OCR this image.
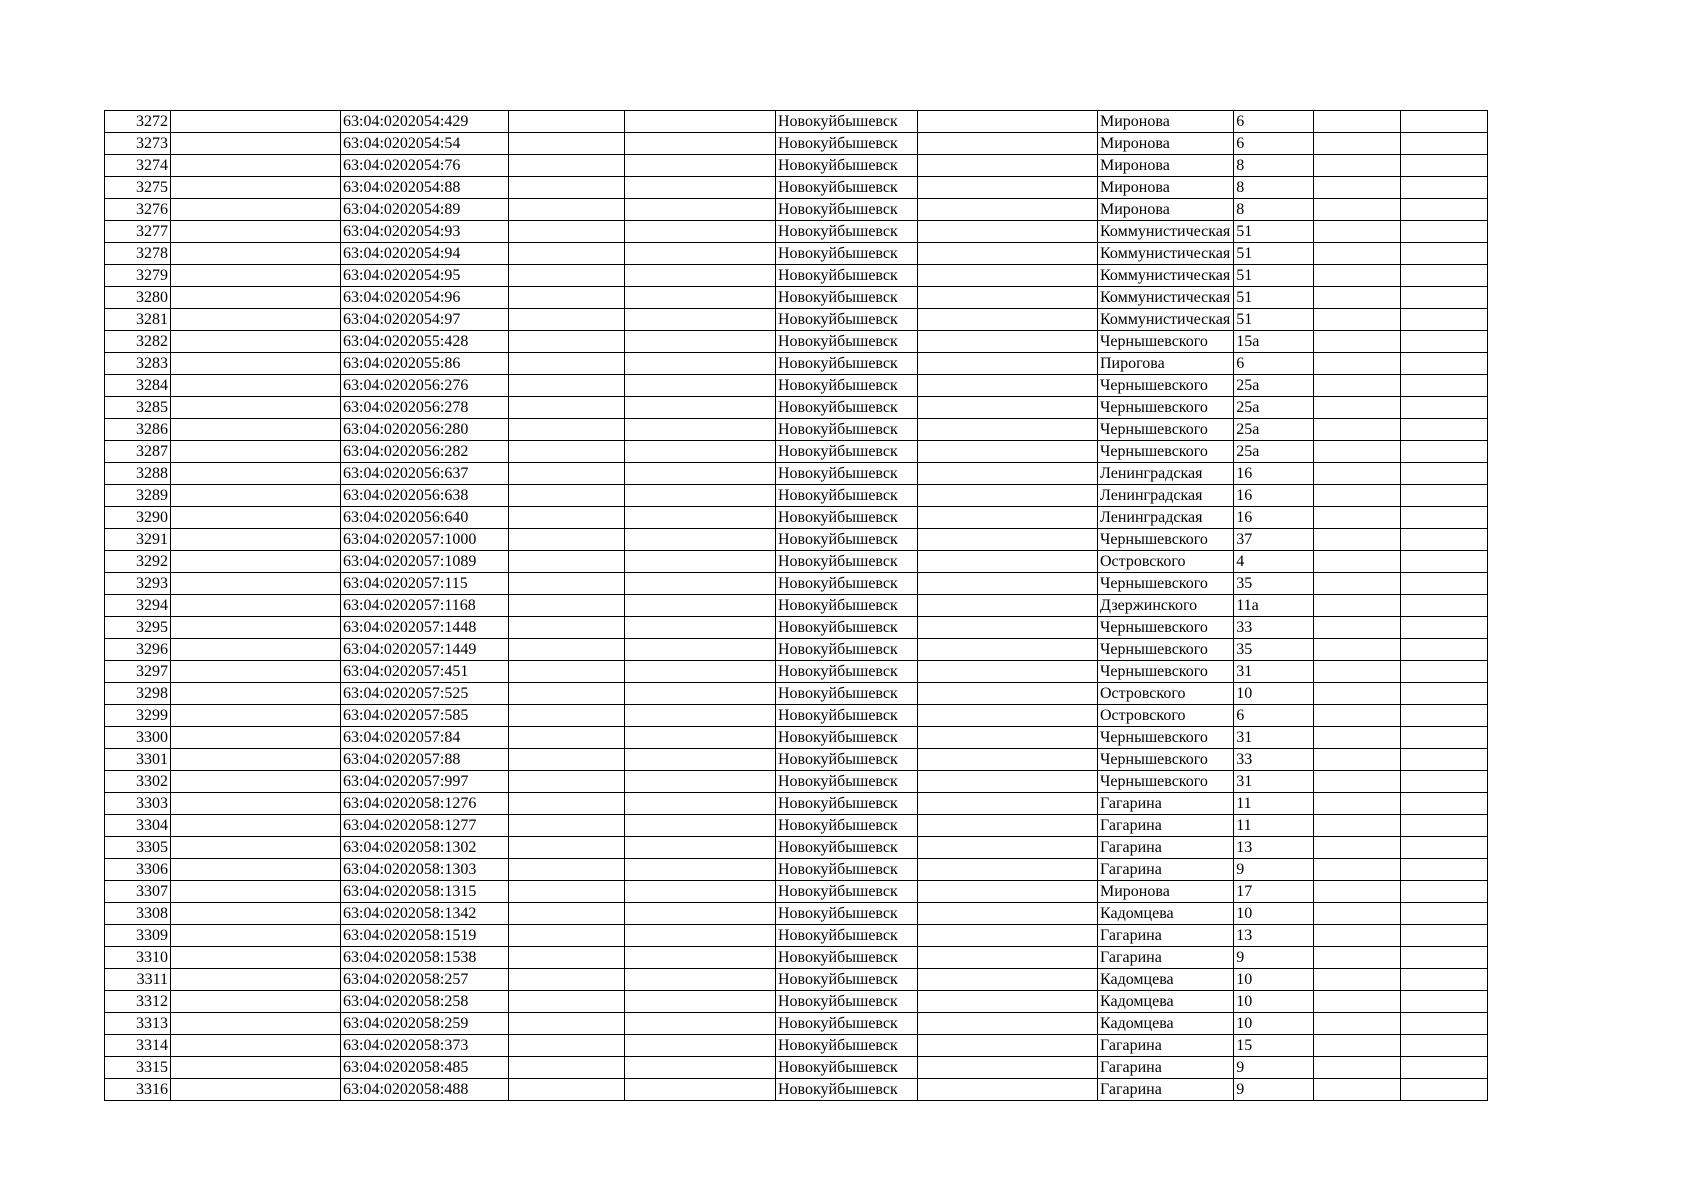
3272		63:04:0202054:429			Новокуйбышевск		Миронова	6		
3273		63:04:0202054:54			Новокуйбышевск		Миронова	6		
3274		63:04:0202054:76			Новокуйбышевск		Миронова	8		
3275		63:04:0202054:88			Новокуйбышевск		Миронова	8		
3276		63:04:0202054:89			Новокуйбышевск		Миронова	8		
3277		63:04:0202054:93			Новокуйбышевск		Коммунистическая	51		
3278		63:04:0202054:94			Новокуйбышевск		Коммунистическая	51		
3279		63:04:0202054:95			Новокуйбышевск		Коммунистическая	51		
3280		63:04:0202054:96			Новокуйбышевск		Коммунистическая	51		
3281		63:04:0202054:97			Новокуйбышевск		Коммунистическая	51		
3282		63:04:0202055:428			Новокуйбышевск		Чернышевского	15а		
3283		63:04:0202055:86			Новокуйбышевск		Пирогова	6		
3284		63:04:0202056:276			Новокуйбышевск		Чернышевского	25а		
3285		63:04:0202056:278			Новокуйбышевск		Чернышевского	25а		
3286		63:04:0202056:280			Новокуйбышевск		Чернышевского	25а		
3287		63:04:0202056:282			Новокуйбышевск		Чернышевского	25а		
3288		63:04:0202056:637			Новокуйбышевск		Ленинградская	16		
3289		63:04:0202056:638			Новокуйбышевск		Ленинградская	16		
3290		63:04:0202056:640			Новокуйбышевск		Ленинградская	16		
3291		63:04:0202057:1000			Новокуйбышевск		Чернышевского	37		
3292		63:04:0202057:1089			Новокуйбышевск		Островского	4		
3293		63:04:0202057:115			Новокуйбышевск		Чернышевского	35		
3294		63:04:0202057:1168			Новокуйбышевск		Дзержинского	11а		
3295		63:04:0202057:1448			Новокуйбышевск		Чернышевского	33		
3296		63:04:0202057:1449			Новокуйбышевск		Чернышевского	35		
3297		63:04:0202057:451			Новокуйбышевск		Чернышевского	31		
3298		63:04:0202057:525			Новокуйбышевск		Островского	10		
3299		63:04:0202057:585			Новокуйбышевск		Островского	6		
3300		63:04:0202057:84			Новокуйбышевск		Чернышевского	31		
3301		63:04:0202057:88			Новокуйбышевск		Чернышевского	33		
3302		63:04:0202057:997			Новокуйбышевск		Чернышевского	31		
3303		63:04:0202058:1276			Новокуйбышевск		Гагарина	11		
3304		63:04:0202058:1277			Новокуйбышевск		Гагарина	11		
3305		63:04:0202058:1302			Новокуйбышевск		Гагарина	13		
3306		63:04:0202058:1303			Новокуйбышевск		Гагарина	9		
3307		63:04:0202058:1315			Новокуйбышевск		Миронова	17		
3308		63:04:0202058:1342			Новокуйбышевск		Кадомцева	10		
3309		63:04:0202058:1519			Новокуйбышевск		Гагарина	13		
3310		63:04:0202058:1538			Новокуйбышевск		Гагарина	9		
3311		63:04:0202058:257			Новокуйбышевск		Кадомцева	10		
3312		63:04:0202058:258			Новокуйбышевск		Кадомцева	10		
3313		63:04:0202058:259			Новокуйбышевск		Кадомцева	10		
3314		63:04:0202058:373			Новокуйбышевск		Гагарина	15		
3315		63:04:0202058:485			Новокуйбышевск		Гагарина	9		
3316		63:04:0202058:488			Новокуйбышевск		Гагарина	9		
